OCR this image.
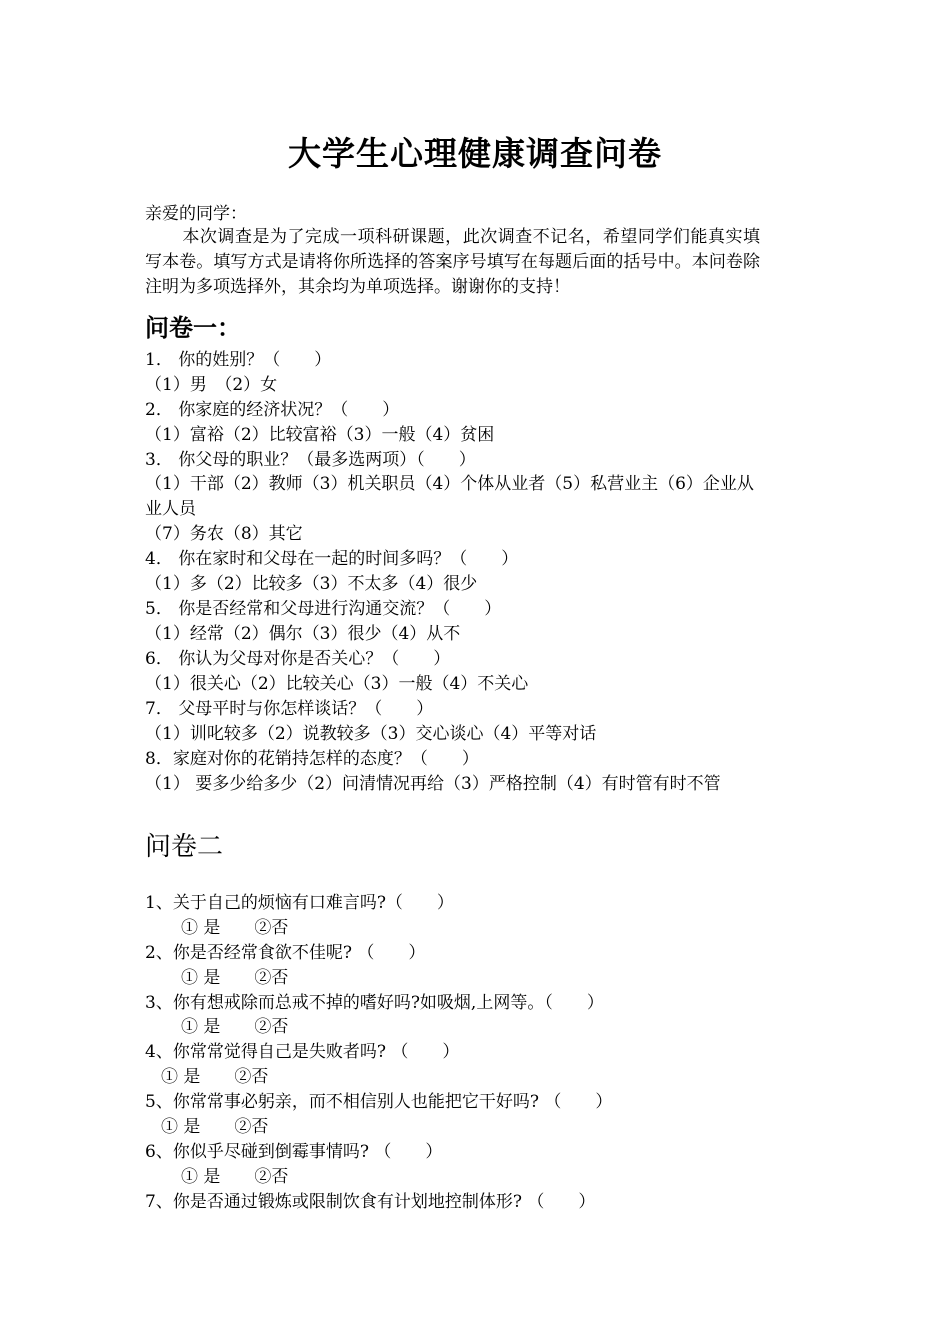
大学生心理健康调查问卷
亲爱的同学：
本次调查是为了完成一项科研课题，此次调查不记名，希望同学们能真实填写本卷。填写方式是请将你所选择的答案序号填写在每题后面的括号中。本问卷除注明为多项选择外，其余均为单项选择。谢谢你的支持！
问卷一：
1． 你的姓别？（　　）
（1）男　（2）女
2． 你家庭的经济状况？（　　）
（1）富裕（2）比较富裕（3）一般（4）贫困
3． 你父母的职业？（最多选两项）（　　）
（1）干部（2）教师（3）机关职员（4）个体从业者（5）私营业主（6）企业从业人员
（7）务农（8）其它
4． 你在家时和父母在一起的时间多吗？（　　）
（1）多（2）比较多（3）不太多（4）很少
5． 你是否经常和父母进行沟通交流？（　　）
（1）经常（2）偶尔（3）很少（4）从不
6． 你认为父母对你是否关心？（　　）
（1）很关心（2）比较关心（3）一般（4）不关心
7． 父母平时与你怎样谈话？（　　）
（1）训叱较多（2）说教较多（3）交心谈心（4）平等对话
8．家庭对你的花销持怎样的态度？（　　）
（1） 要多少给多少（2）问清情况再给（3）严格控制（4）有时管有时不管
问卷二
1、关于自己的烦恼有口难言吗?（　　）
① 是　　②否
2、你是否经常食欲不佳呢? （　　）
① 是　　②否
3、你有想戒除而总戒不掉的嗜好吗?如吸烟,上网等。（　　）
① 是　　②否
4、你常常觉得自己是失败者吗? （　　）
① 是　　②否
5、你常常事必躬亲，而不相信别人也能把它干好吗? （　　）
① 是　　②否
6、你似乎尽碰到倒霉事情吗? （　　）
① 是　　②否
7、你是否通过锻炼或限制饮食有计划地控制体形? （　　）
